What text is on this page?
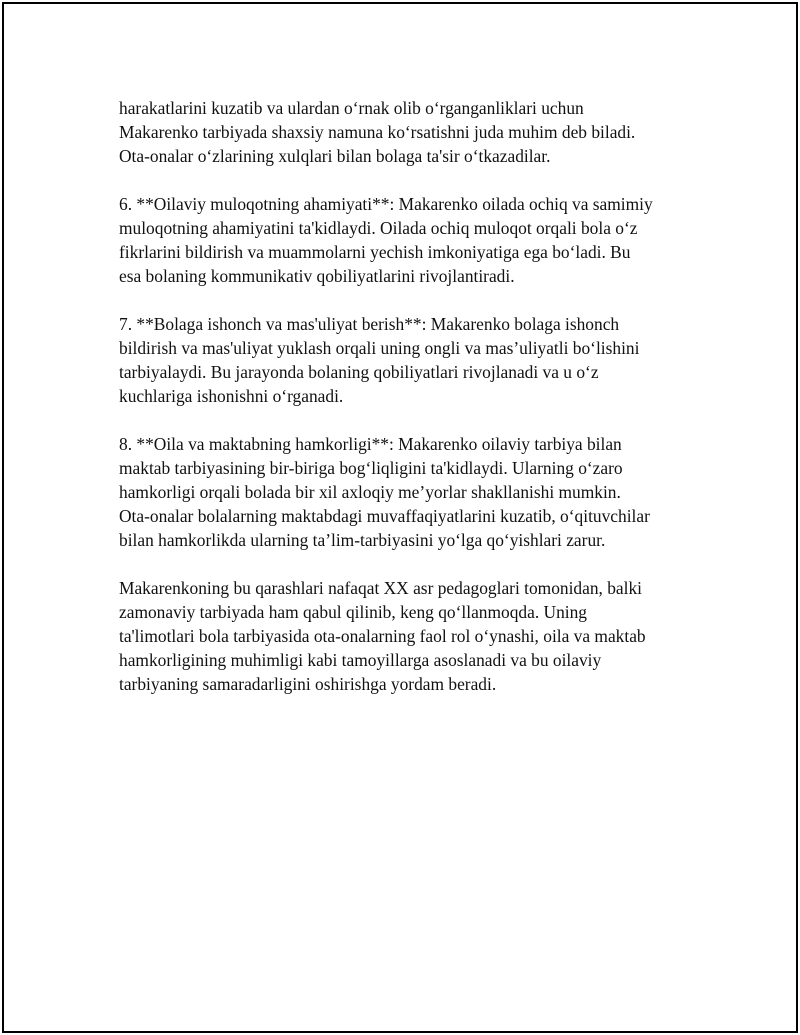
harakatlarini kuzatib va ulardan o‘rnak olib o‘rganganliklari uchun
Makarenko tarbiyada shaxsiy namuna ko‘rsatishni juda muhim deb biladi.
Ota-onalar o‘zlarining xulqlari bilan bolaga ta'sir o‘tkazadilar.

6. **Oilaviy muloqotning ahamiyati**: Makarenko oilada ochiq va samimiy
muloqotning ahamiyatini ta'kidlaydi. Oilada ochiq muloqot orqali bola o‘z
fikrlarini bildirish va muammolarni yechish imkoniyatiga ega bo‘ladi. Bu
esa bolaning kommunikativ qobiliyatlarini rivojlantiradi.

7. **Bolaga ishonch va mas'uliyat berish**: Makarenko bolaga ishonch
bildirish va mas'uliyat yuklash orqali uning ongli va mas’uliyatli bo‘lishini
tarbiyalaydi. Bu jarayonda bolaning qobiliyatlari rivojlanadi va u o‘z
kuchlariga ishonishni o‘rganadi.

8. **Oila va maktabning hamkorligi**: Makarenko oilaviy tarbiya bilan
maktab tarbiyasining bir-biriga bog‘liqligini ta'kidlaydi. Ularning o‘zaro
hamkorligi orqali bolada bir xil axloqiy me’yorlar shakllanishi mumkin.
Ota-onalar bolalarning maktabdagi muvaffaqiyatlarini kuzatib, o‘qituvchilar
bilan hamkorlikda ularning ta’lim-tarbiyasini yo‘lga qo‘yishlari zarur.

Makarenkoning bu qarashlari nafaqat XX asr pedagoglari tomonidan, balki
zamonaviy tarbiyada ham qabul qilinib, keng qo‘llanmoqda. Uning
ta'limotlari bola tarbiyasida ota-onalarning faol rol o‘ynashi, oila va maktab
hamkorligining muhimligi kabi tamoyillarga asoslanadi va bu oilaviy
tarbiyaning samaradarligini oshirishga yordam beradi.
